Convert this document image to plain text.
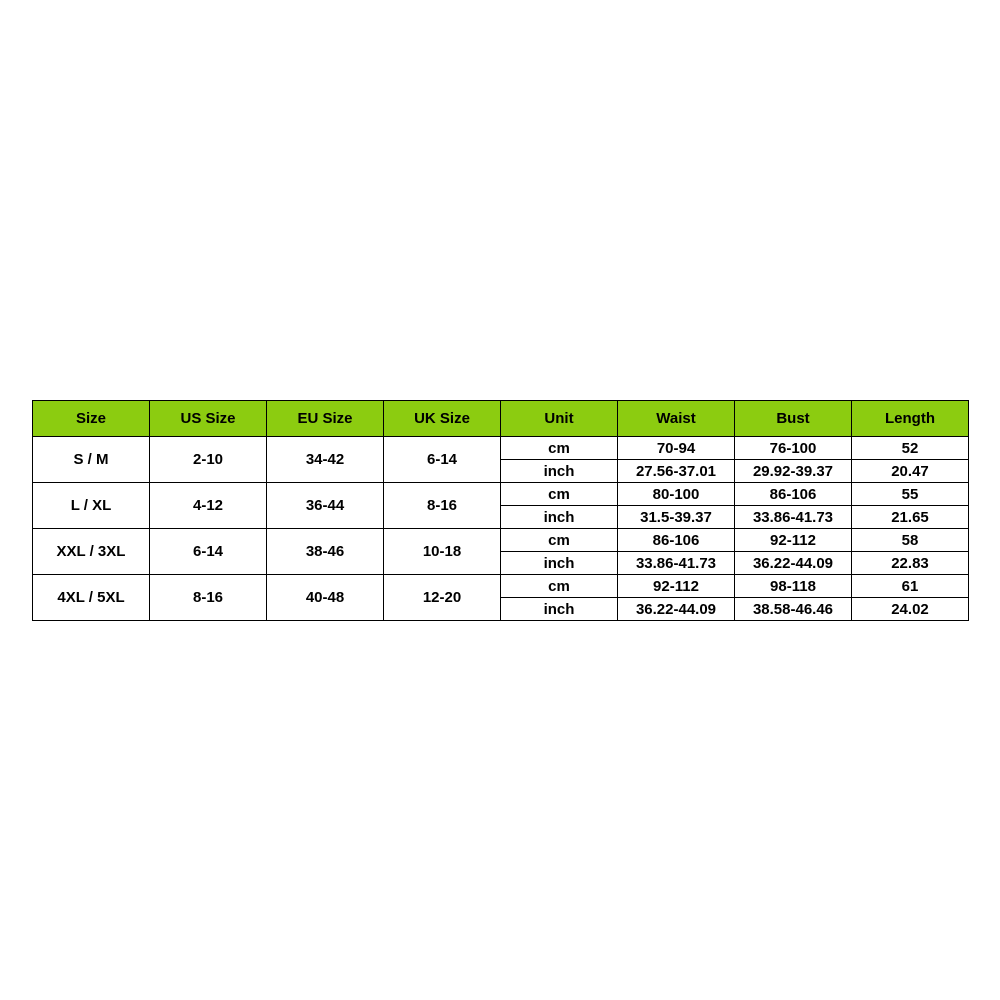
Size	US Size	EU Size	UK Size	Unit	Waist	Bust	Length
S / M	2-10	34-42	6-14	cm	70-94	76-100	52
				inch	27.56-37.01	29.92-39.37	20.47
L / XL	4-12	36-44	8-16	cm	80-100	86-106	55
				inch	31.5-39.37	33.86-41.73	21.65
XXL / 3XL	6-14	38-46	10-18	cm	86-106	92-112	58
				inch	33.86-41.73	36.22-44.09	22.83
4XL / 5XL	8-16	40-48	12-20	cm	92-112	98-118	61
				inch	36.22-44.09	38.58-46.46	24.02
